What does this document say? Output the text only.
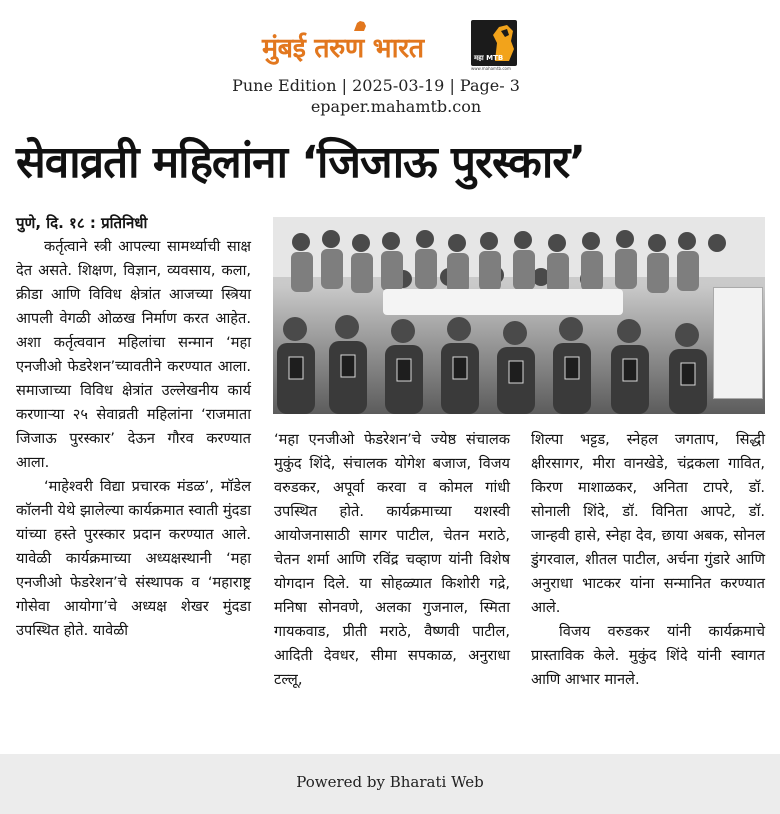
मुंबई तरुण भारत	महा MTB
www.mahamtb.com
Pune Edition | 2025-03-19 | Page- 3
epaper.mahamtb.con
सेवाव्रती महिलांना ‘जिजाऊ पुरस्कार’

पुणे, दि. १८ : प्रतिनिधी

कर्तृत्वाने स्त्री आपल्या सामर्थ्याची साक्ष देत असते. शिक्षण, विज्ञान, व्यवसाय, कला, क्रीडा आणि विविध क्षेत्रांत आजच्या स्त्रिया आपली वेगळी ओळख निर्माण करत आहेत. अशा कर्तृत्ववान महिलांचा सन्मान ‘महा एनजीओ फेडरेशन’च्यावतीने करण्यात आला. समाजाच्या विविध क्षेत्रांत उल्लेखनीय कार्य करणाऱ्या २५ सेवाव्रती महिलांना ‘राजमाता जिजाऊ पुरस्कार’ देऊन गौरव करण्यात आला.

‘माहेश्वरी विद्या प्रचारक मंडळ’, मॉडेल कॉलनी येथे झालेल्या कार्यक्रमात स्वाती मुंदडा यांच्या हस्ते पुरस्कार प्रदान करण्यात आले. यावेळी कार्यक्रमाच्या अध्यक्षस्थानी ‘महा एनजीओ फेडरेशन’चे संस्थापक व ‘महाराष्ट्र गोसेवा आयोगा’चे अध्यक्ष शेखर मुंदडा उपस्थित होते. यावेळी

‘महा एनजीओ फेडरेशन’चे ज्येष्ठ संचालक मुकुंद शिंदे, संचालक योगेश बजाज, विजय वरुडकर, अपूर्वा करवा व कोमल गांधी उपस्थित होते. कार्यक्रमाच्या यशस्वी आयोजनासाठी सागर पाटील, चेतन मराठे, चेतन शर्मा आणि रविंद्र चव्हाण यांनी विशेष योगदान दिले. या सोहळ्यात किशोरी गद्रे, मनिषा सोनवणे, अलका गुजनाल, स्मिता गायकवाड, प्रीती मराठे, वैष्णवी पाटील, आदिती देवधर, सीमा सपकाळ, अनुराधा टल्लू,

शिल्पा भट्टड, स्नेहल जगताप, सिद्धी क्षीरसागर, मीरा वानखेडे, चंद्रकला गावित, किरण माशाळकर, अनिता टापरे, डॉ. सोनाली शिंदे, डॉ. विनिता आपटे, डॉ. जान्हवी हासे, स्नेहा देव, छाया अबक, सोनल डुंगरवाल, शीतल पाटील, अर्चना गुंडारे आणि अनुराधा भाटकर यांना सन्मानित करण्यात आले.

विजय वरुडकर यांनी कार्यक्रमाचे प्रास्ताविक केले. मुकुंद शिंदे यांनी स्वागत आणि आभार मानले.

Powered by Bharati Web
